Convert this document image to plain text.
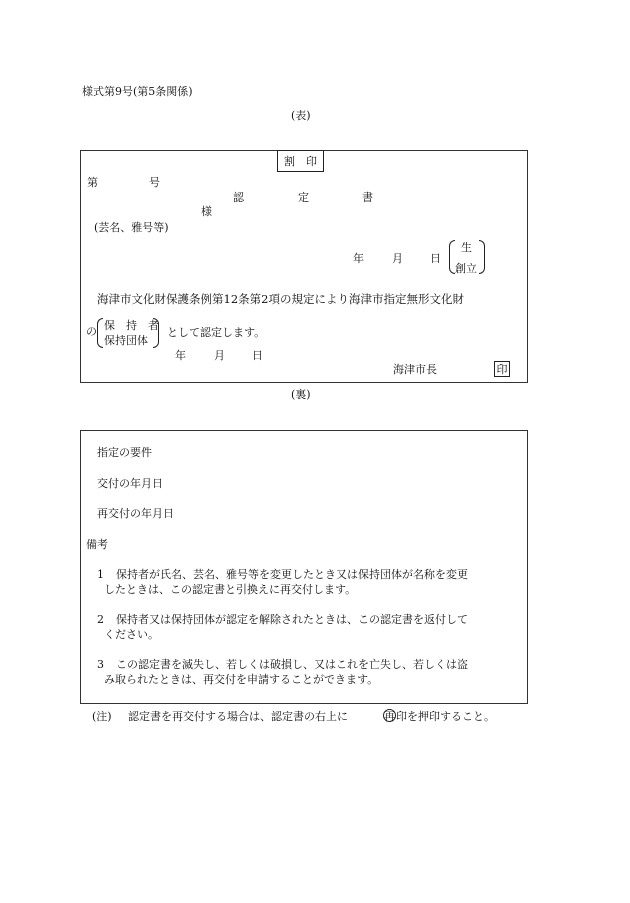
様式第9号(第5条関係)
(表)
割　印
第	号
認	定	書
様
(芸名、雅号等)
年	月 日
生
創立
海津市文化財保護条例第12条第2項の規定により海津市指定無形文化財
の 保　持　者
保持団体
として認定します。
年	月 日
海津市長	印
(裏)
指定の要件
交付の年月日
再交付の年月日
備考
1 保持者が氏名、芸名、雅号等を変更したとき又は保持団体が名称を変更
したときは、この認定書と引換えに再交付します。
2 保持者又は保持団体が認定を解除されたときは、この認定書を返付して
ください。
3 この認定書を滅失し、若しくは破損し、又はこれを亡失し、若しくは盗
み取られたときは、再交付を申請することができます。
(注) 認定書を再交付する場合は、認定書の右上に	再 印を押印すること。
